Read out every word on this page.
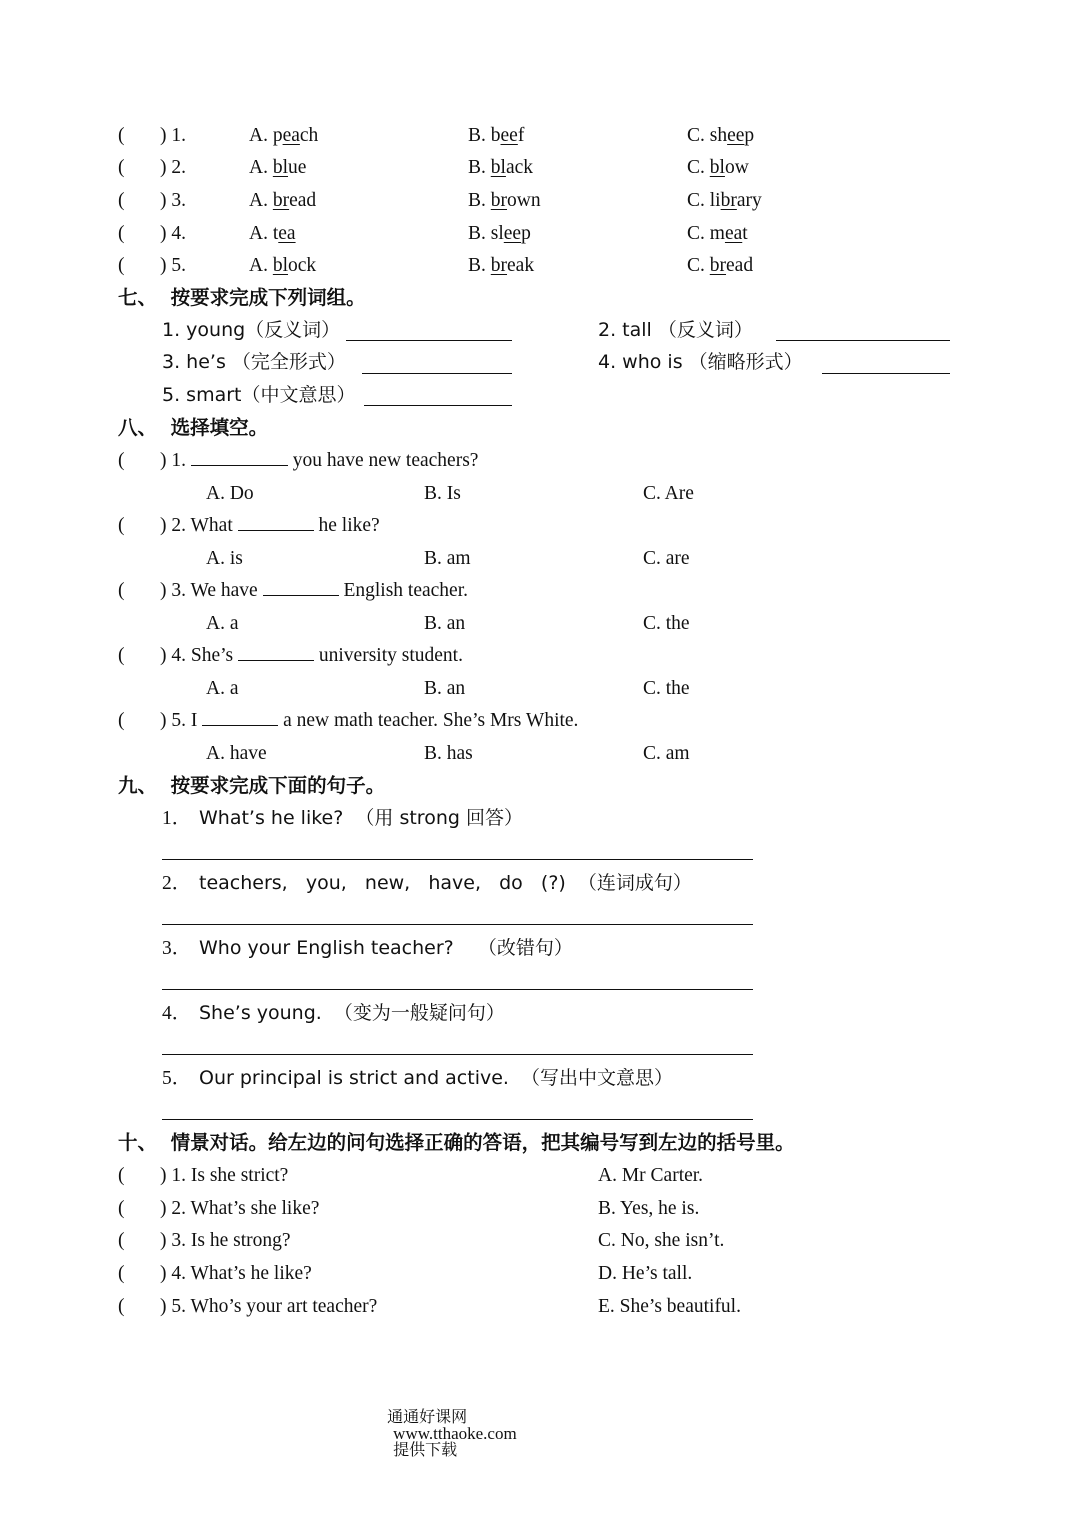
( ) 1.	A. peach	B. beef	C. sheep
( ) 2.	A. blue	B. black	C. blow
( ) 3.	A. bread	B. brown	C. library
( ) 4.	A. tea	B. sleep	C. meat
( ) 5.	A. block	B. break	C. bread
七、  按要求完成下列词组。
1. young（反义词）	2. tall （反义词）
3. he’s （完全形式）	4. who is （缩略形式）
5. smart（中文意思）
八、  选择填空。
( ) 1.	you have new teachers?
A. Do	B. Is	C. Are
( ) 2. What	he like?
A. is	B. am	C. are
( ) 3. We have	English teacher.
A. a	B. an	C. the
( ) 4. She’s	university student.
A. a	B. an	C. the
( ) 5. I	a new math teacher. She’s Mrs White.
A. have	B. has	C. am
九、  按要求完成下面的句子。
1． What’s he like?  （用 strong 回答）
2． teachers,   you,   new,   have,   do   (?)  （连词成句）
3． Who your English teacher?    （改错句）
4． She’s young.  （变为一般疑问句）
5． Our principal is strict and active.  （写出中文意思）
十、  情景对话。给左边的问句选择正确的答语，把其编号写到左边的括号里。
( ) 1. Is she strict?	A. Mr Carter.
( ) 2. What’s she like?	B. Yes, he is.
( ) 3. Is he strong?	C. No, she isn’t.
( ) 4. What’s he like?	D. He’s tall.
( ) 5. Who’s your art teacher?	E. She’s beautiful.

通通好课网
www.tthaoke.com
提供下载
